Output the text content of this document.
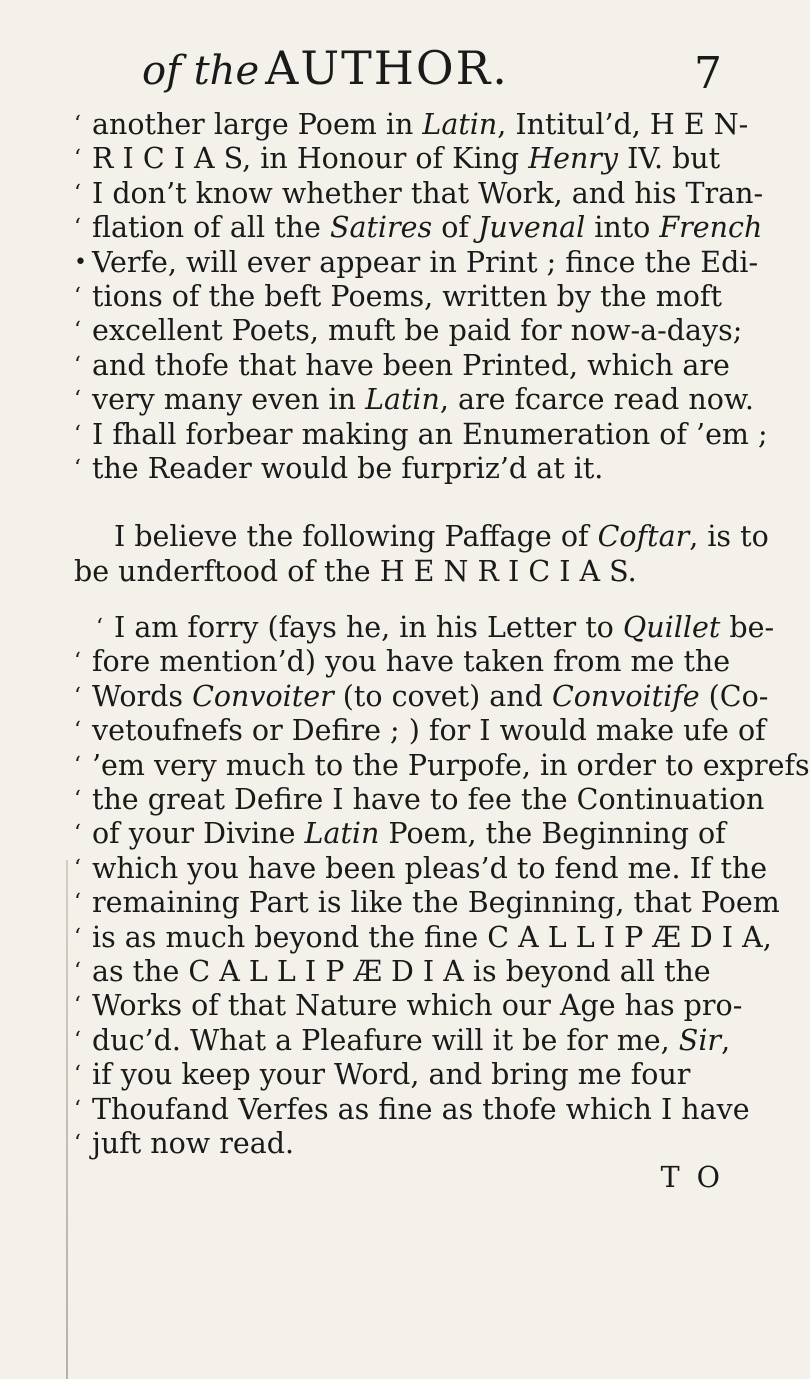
of the AUTHOR.	7
‘ another large Poem in Latin, Intitul’d, H E N-
‘ R I C I A S, in Honour of King Henry IV. but
‘ I don’t know whether that Work, and his Tran-
‘ flation of all the Satires of Juvenal into French
• Verfe, will ever appear in Print ; fince the Edi-
‘ tions of the beft Poems, written by the moft
‘ excellent Poets, muft be paid for now-a-days;
‘ and thofe that have been Printed, which are
‘ very many even in Latin, are fcarce read now.
‘ I fhall forbear making an Enumeration of ’em ;
‘ the Reader would be furpriz’d at it.
I believe the following Paffage of Coftar, is to
be underftood of the H E N R I C I A S.
‘ I am forry (fays he, in his Letter to Quillet be-
‘ fore mention’d) you have taken from me the
‘ Words Convoiter (to covet) and Convoitife (Co-
‘ vetoufnefs or Defire ; ) for I would make ufe of
‘ ’em very much to the Purpofe, in order to exprefs
‘ the great Defire I have to fee the Continuation
‘ of your Divine Latin Poem, the Beginning of
‘ which you have been pleas’d to fend me. If the
‘ remaining Part is like the Beginning, that Poem
‘ is as much beyond the fine C A L L I P Æ D I A,
‘ as the C A L L I P Æ D I A is beyond all the
‘ Works of that Nature which our Age has pro-
‘ duc’d. What a Pleafure will it be for me, Sir,
‘ if you keep your Word, and bring me four
‘ Thoufand Verfes as fine as thofe which I have
‘ juft now read.
T O
